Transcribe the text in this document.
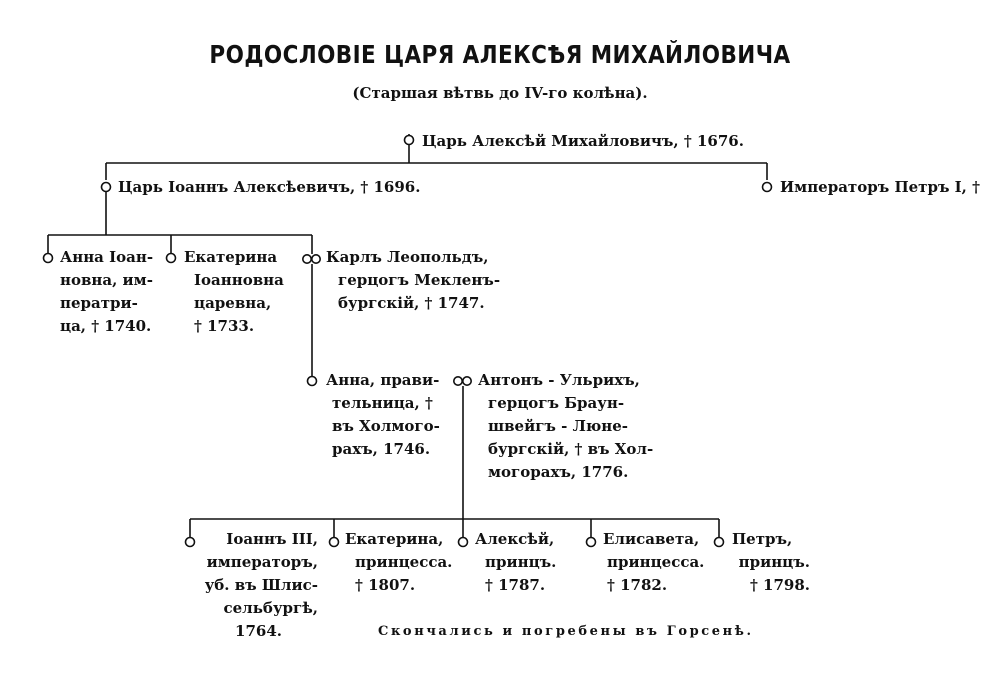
РОДОСЛОВІЕ ЦАРЯ АЛЕКСѢЯ МИХАЙЛОВИЧА
(Старшая вѣтвь до IV-го колѣна).
Царь Алексѣй Михайловичъ, † 1676.
Царь Іоаннъ Алексѣевичъ, † 1696.	Императоръ Петръ I, †
Анна Іоан-
новна, им-
ператри-
ца, † 1740.
Екатерина
Іоанновна
царевна,
† 1733.
Карлъ Леопольдъ,
герцогъ Мекленъ-
бургскій, † 1747.
Анна, прави-
тельница, †
въ Холмого-
рахъ, 1746.
Антонъ - Ульрихъ,
герцогъ Браун-
швейгъ - Люне-
бургскій, † въ Хол-
могорахъ, 1776.
Іоаннъ III,
императоръ,
уб. въ Шлис-
сельбургѣ,
1764.
Екатерина,
принцесса.
† 1807.
Алексѣй,
принцъ.
† 1787.
Елисавета,
принцесса.
† 1782.
Петръ,
принцъ.
† 1798.
Скончались и погребены въ Горсенѣ.
